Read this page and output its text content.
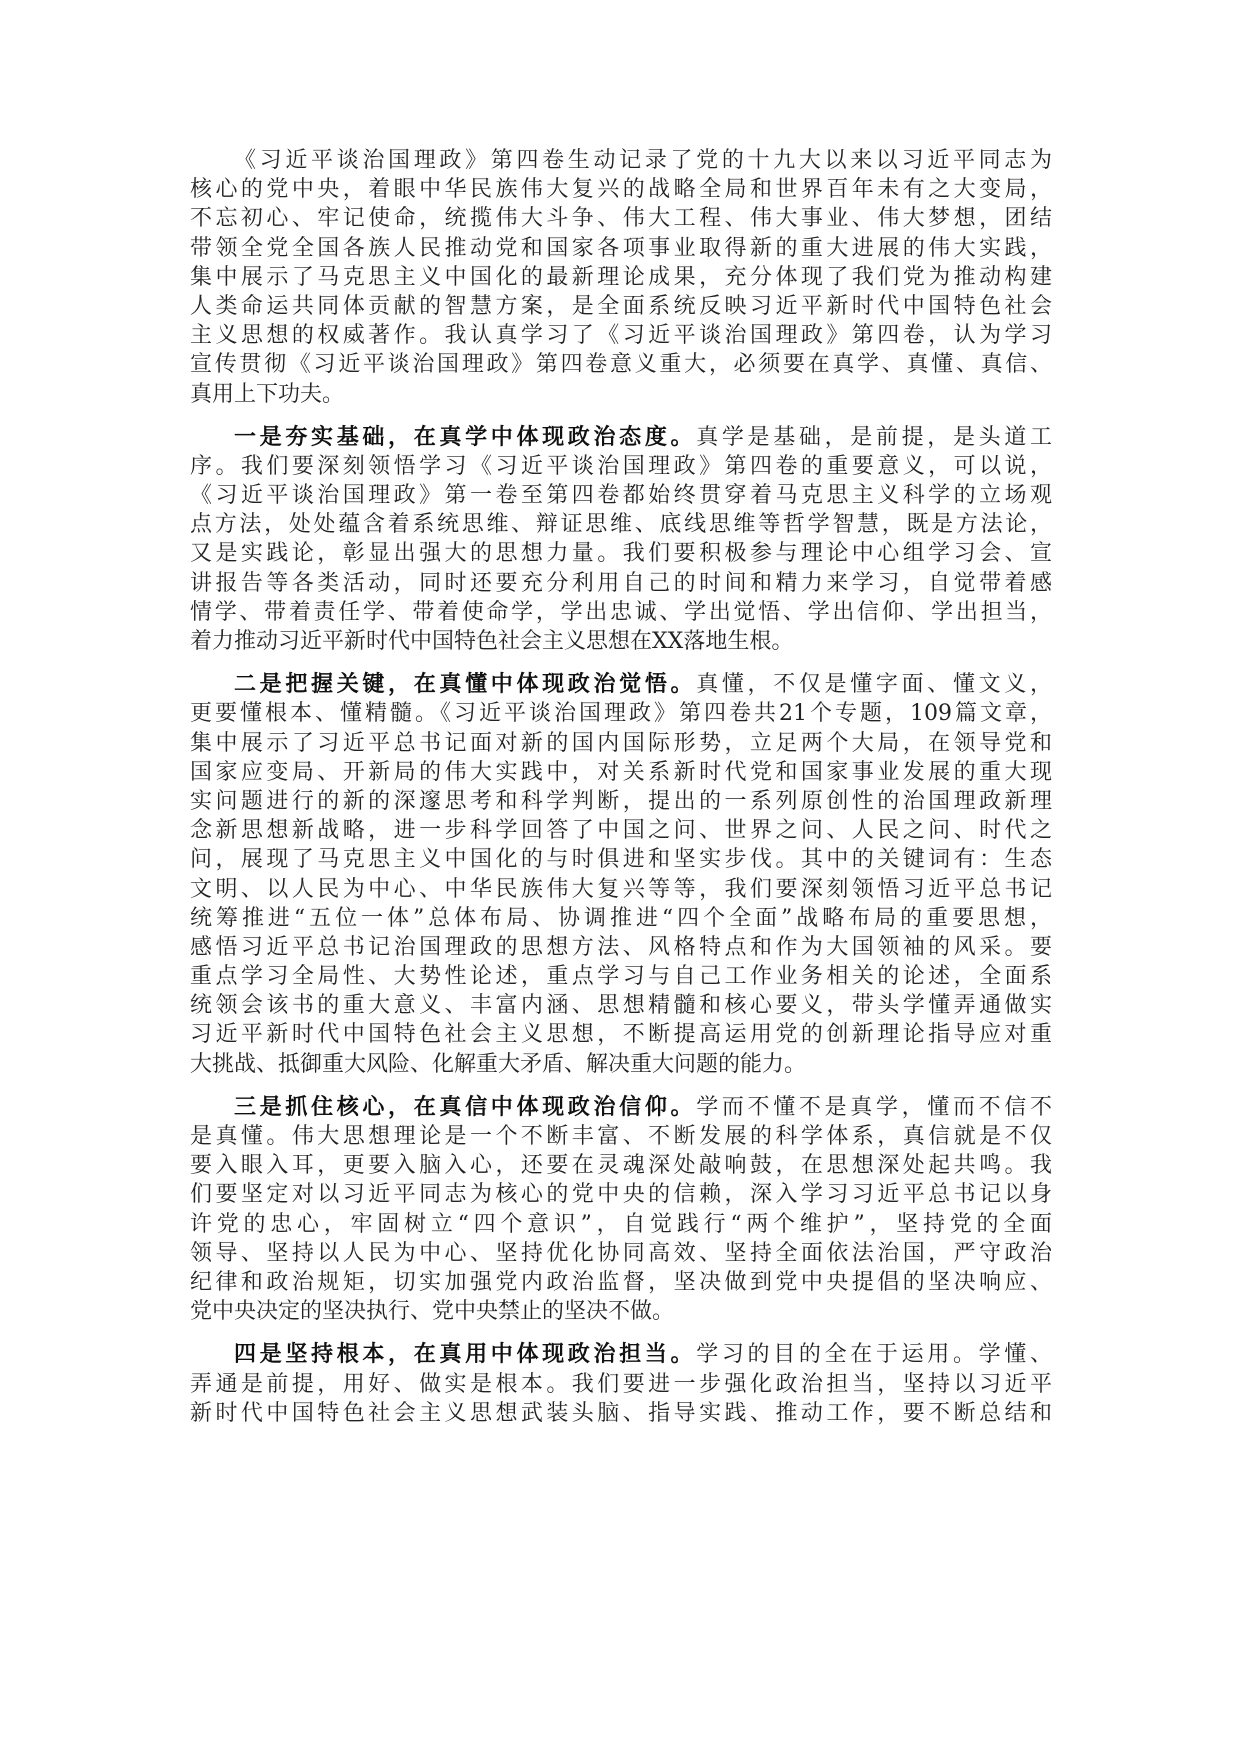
《习近平谈治国理政》第四卷生动记录了党的十九大以来以习近平同志为
核心的党中央，着眼中华民族伟大复兴的战略全局和世界百年未有之大变局，
不忘初心、牢记使命，统揽伟大斗争、伟大工程、伟大事业、伟大梦想，团结
带领全党全国各族人民推动党和国家各项事业取得新的重大进展的伟大实践，
集中展示了马克思主义中国化的最新理论成果，充分体现了我们党为推动构建
人类命运共同体贡献的智慧方案，是全面系统反映习近平新时代中国特色社会
主义思想的权威著作。我认真学习了《习近平谈治国理政》第四卷，认为学习
宣传贯彻《习近平谈治国理政》第四卷意义重大，必须要在真学、真懂、真信、
真用上下功夫。
一是夯实基础，在真学中体现政治态度。真学是基础，是前提，是头道工
序。我们要深刻领悟学习《习近平谈治国理政》第四卷的重要意义，可以说，
《习近平谈治国理政》第一卷至第四卷都始终贯穿着马克思主义科学的立场观
点方法，处处蕴含着系统思维、辩证思维、底线思维等哲学智慧，既是方法论，
又是实践论，彰显出强大的思想力量。我们要积极参与理论中心组学习会、宣
讲报告等各类活动，同时还要充分利用自己的时间和精力来学习，自觉带着感
情学、带着责任学、带着使命学，学出忠诚、学出觉悟、学出信仰、学出担当，
着力推动习近平新时代中国特色社会主义思想在XX落地生根。
二是把握关键，在真懂中体现政治觉悟。真懂，不仅是懂字面、懂文义，
更要懂根本、懂精髓。《习近平谈治国理政》第四卷共21个专题，109篇文章，
集中展示了习近平总书记面对新的国内国际形势，立足两个大局，在领导党和
国家应变局、开新局的伟大实践中，对关系新时代党和国家事业发展的重大现
实问题进行的新的深邃思考和科学判断，提出的一系列原创性的治国理政新理
念新思想新战略，进一步科学回答了中国之问、世界之问、人民之问、时代之
问，展现了马克思主义中国化的与时俱进和坚实步伐。其中的关键词有：生态
文明、以人民为中心、中华民族伟大复兴等等，我们要深刻领悟习近平总书记
统筹推进“五位一体”总体布局、协调推进“四个全面”战略布局的重要思想，
感悟习近平总书记治国理政的思想方法、风格特点和作为大国领袖的风采。要
重点学习全局性、大势性论述，重点学习与自己工作业务相关的论述，全面系
统领会该书的重大意义、丰富内涵、思想精髓和核心要义，带头学懂弄通做实
习近平新时代中国特色社会主义思想，不断提高运用党的创新理论指导应对重
大挑战、抵御重大风险、化解重大矛盾、解决重大问题的能力。
三是抓住核心，在真信中体现政治信仰。学而不懂不是真学，懂而不信不
是真懂。伟大思想理论是一个不断丰富、不断发展的科学体系，真信就是不仅
要入眼入耳，更要入脑入心，还要在灵魂深处敲响鼓，在思想深处起共鸣。我
们要坚定对以习近平同志为核心的党中央的信赖，深入学习习近平总书记以身
许党的忠心，牢固树立“四个意识”，自觉践行“两个维护”，坚持党的全面
领导、坚持以人民为中心、坚持优化协同高效、坚持全面依法治国，严守政治
纪律和政治规矩，切实加强党内政治监督，坚决做到党中央提倡的坚决响应、
党中央决定的坚决执行、党中央禁止的坚决不做。
四是坚持根本，在真用中体现政治担当。学习的目的全在于运用。学懂、
弄通是前提，用好、做实是根本。我们要进一步强化政治担当，坚持以习近平
新时代中国特色社会主义思想武装头脑、指导实践、推动工作，要不断总结和
